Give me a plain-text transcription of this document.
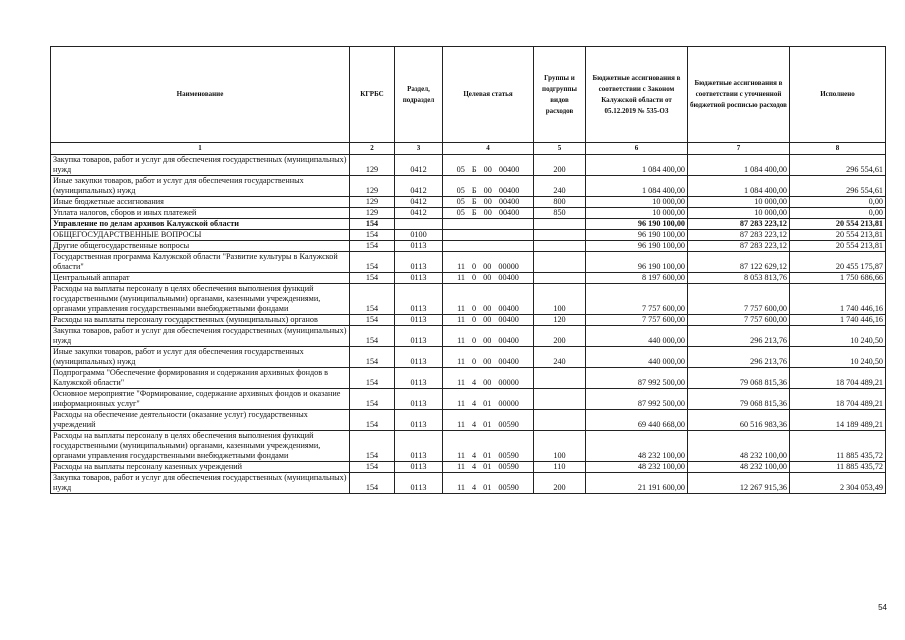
Наименование	КГРБС	Раздел, подраздел	Целевая статья	Группы и подгруппы видов расходов	Бюджетные ассигнования в соответствии с Законом Калужской области от 05.12.2019 № 535-ОЗ	Бюджетные ассигнования в соответствии с уточненной бюджетной росписью расходов	Исполнено
1	2	3	4	5	6	7	8
Закупка товаров, работ и услуг для обеспечения государственных (муниципальных) нужд	129	0412	05 Б 00 00400	200	1 084 400,00	1 084 400,00	296 554,61
Иные закупки товаров, работ и услуг для обеспечения государственных (муниципальных) нужд	129	0412	05 Б 00 00400	240	1 084 400,00	1 084 400,00	296 554,61
Иные бюджетные ассигнования	129	0412	05 Б 00 00400	800	10 000,00	10 000,00	0,00
Уплата налогов, сборов и иных платежей	129	0412	05 Б 00 00400	850	10 000,00	10 000,00	0,00
Управление по делам архивов Калужской области	154				96 190 100,00	87 283 223,12	20 554 213,81
ОБЩЕГОСУДАРСТВЕННЫЕ ВОПРОСЫ	154	0100			96 190 100,00	87 283 223,12	20 554 213,81
Другие общегосударственные вопросы	154	0113			96 190 100,00	87 283 223,12	20 554 213,81
Государственная программа Калужской области "Развитие культуры в Калужской области"	154	0113	11 0 00 00000		96 190 100,00	87 122 629,12	20 455 175,87
Центральный аппарат	154	0113	11 0 00 00400		8 197 600,00	8 053 813,76	1 750 686,66
Расходы на выплаты персоналу в целях обеспечения выполнения функций государственными (муниципальными) органами, казенными учреждениями, органами управления государственными внебюджетными фондами	154	0113	11 0 00 00400	100	7 757 600,00	7 757 600,00	1 740 446,16
Расходы на выплаты персоналу государственных (муниципальных) органов	154	0113	11 0 00 00400	120	7 757 600,00	7 757 600,00	1 740 446,16
Закупка товаров, работ и услуг для обеспечения государственных (муниципальных) нужд	154	0113	11 0 00 00400	200	440 000,00	296 213,76	10 240,50
Иные закупки товаров, работ и услуг для обеспечения государственных (муниципальных) нужд	154	0113	11 0 00 00400	240	440 000,00	296 213,76	10 240,50
Подпрограмма "Обеспечение формирования и содержания архивных фондов в Калужской области"	154	0113	11 4 00 00000		87 992 500,00	79 068 815,36	18 704 489,21
Основное мероприятие "Формирование, содержание архивных фондов и оказание информационных услуг"	154	0113	11 4 01 00000		87 992 500,00	79 068 815,36	18 704 489,21
Расходы на обеспечение деятельности (оказание услуг) государственных учреждений	154	0113	11 4 01 00590		69 440 668,00	60 516 983,36	14 189 489,21
Расходы на выплаты персоналу в целях обеспечения выполнения функций государственными (муниципальными) органами, казенными учреждениями, органами управления государственными внебюджетными фондами	154	0113	11 4 01 00590	100	48 232 100,00	48 232 100,00	11 885 435,72
Расходы на выплаты персоналу казенных учреждений	154	0113	11 4 01 00590	110	48 232 100,00	48 232 100,00	11 885 435,72
Закупка товаров, работ и услуг для обеспечения государственных (муниципальных) нужд	154	0113	11 4 01 00590	200	21 191 600,00	12 267 915,36	2 304 053,49
54
